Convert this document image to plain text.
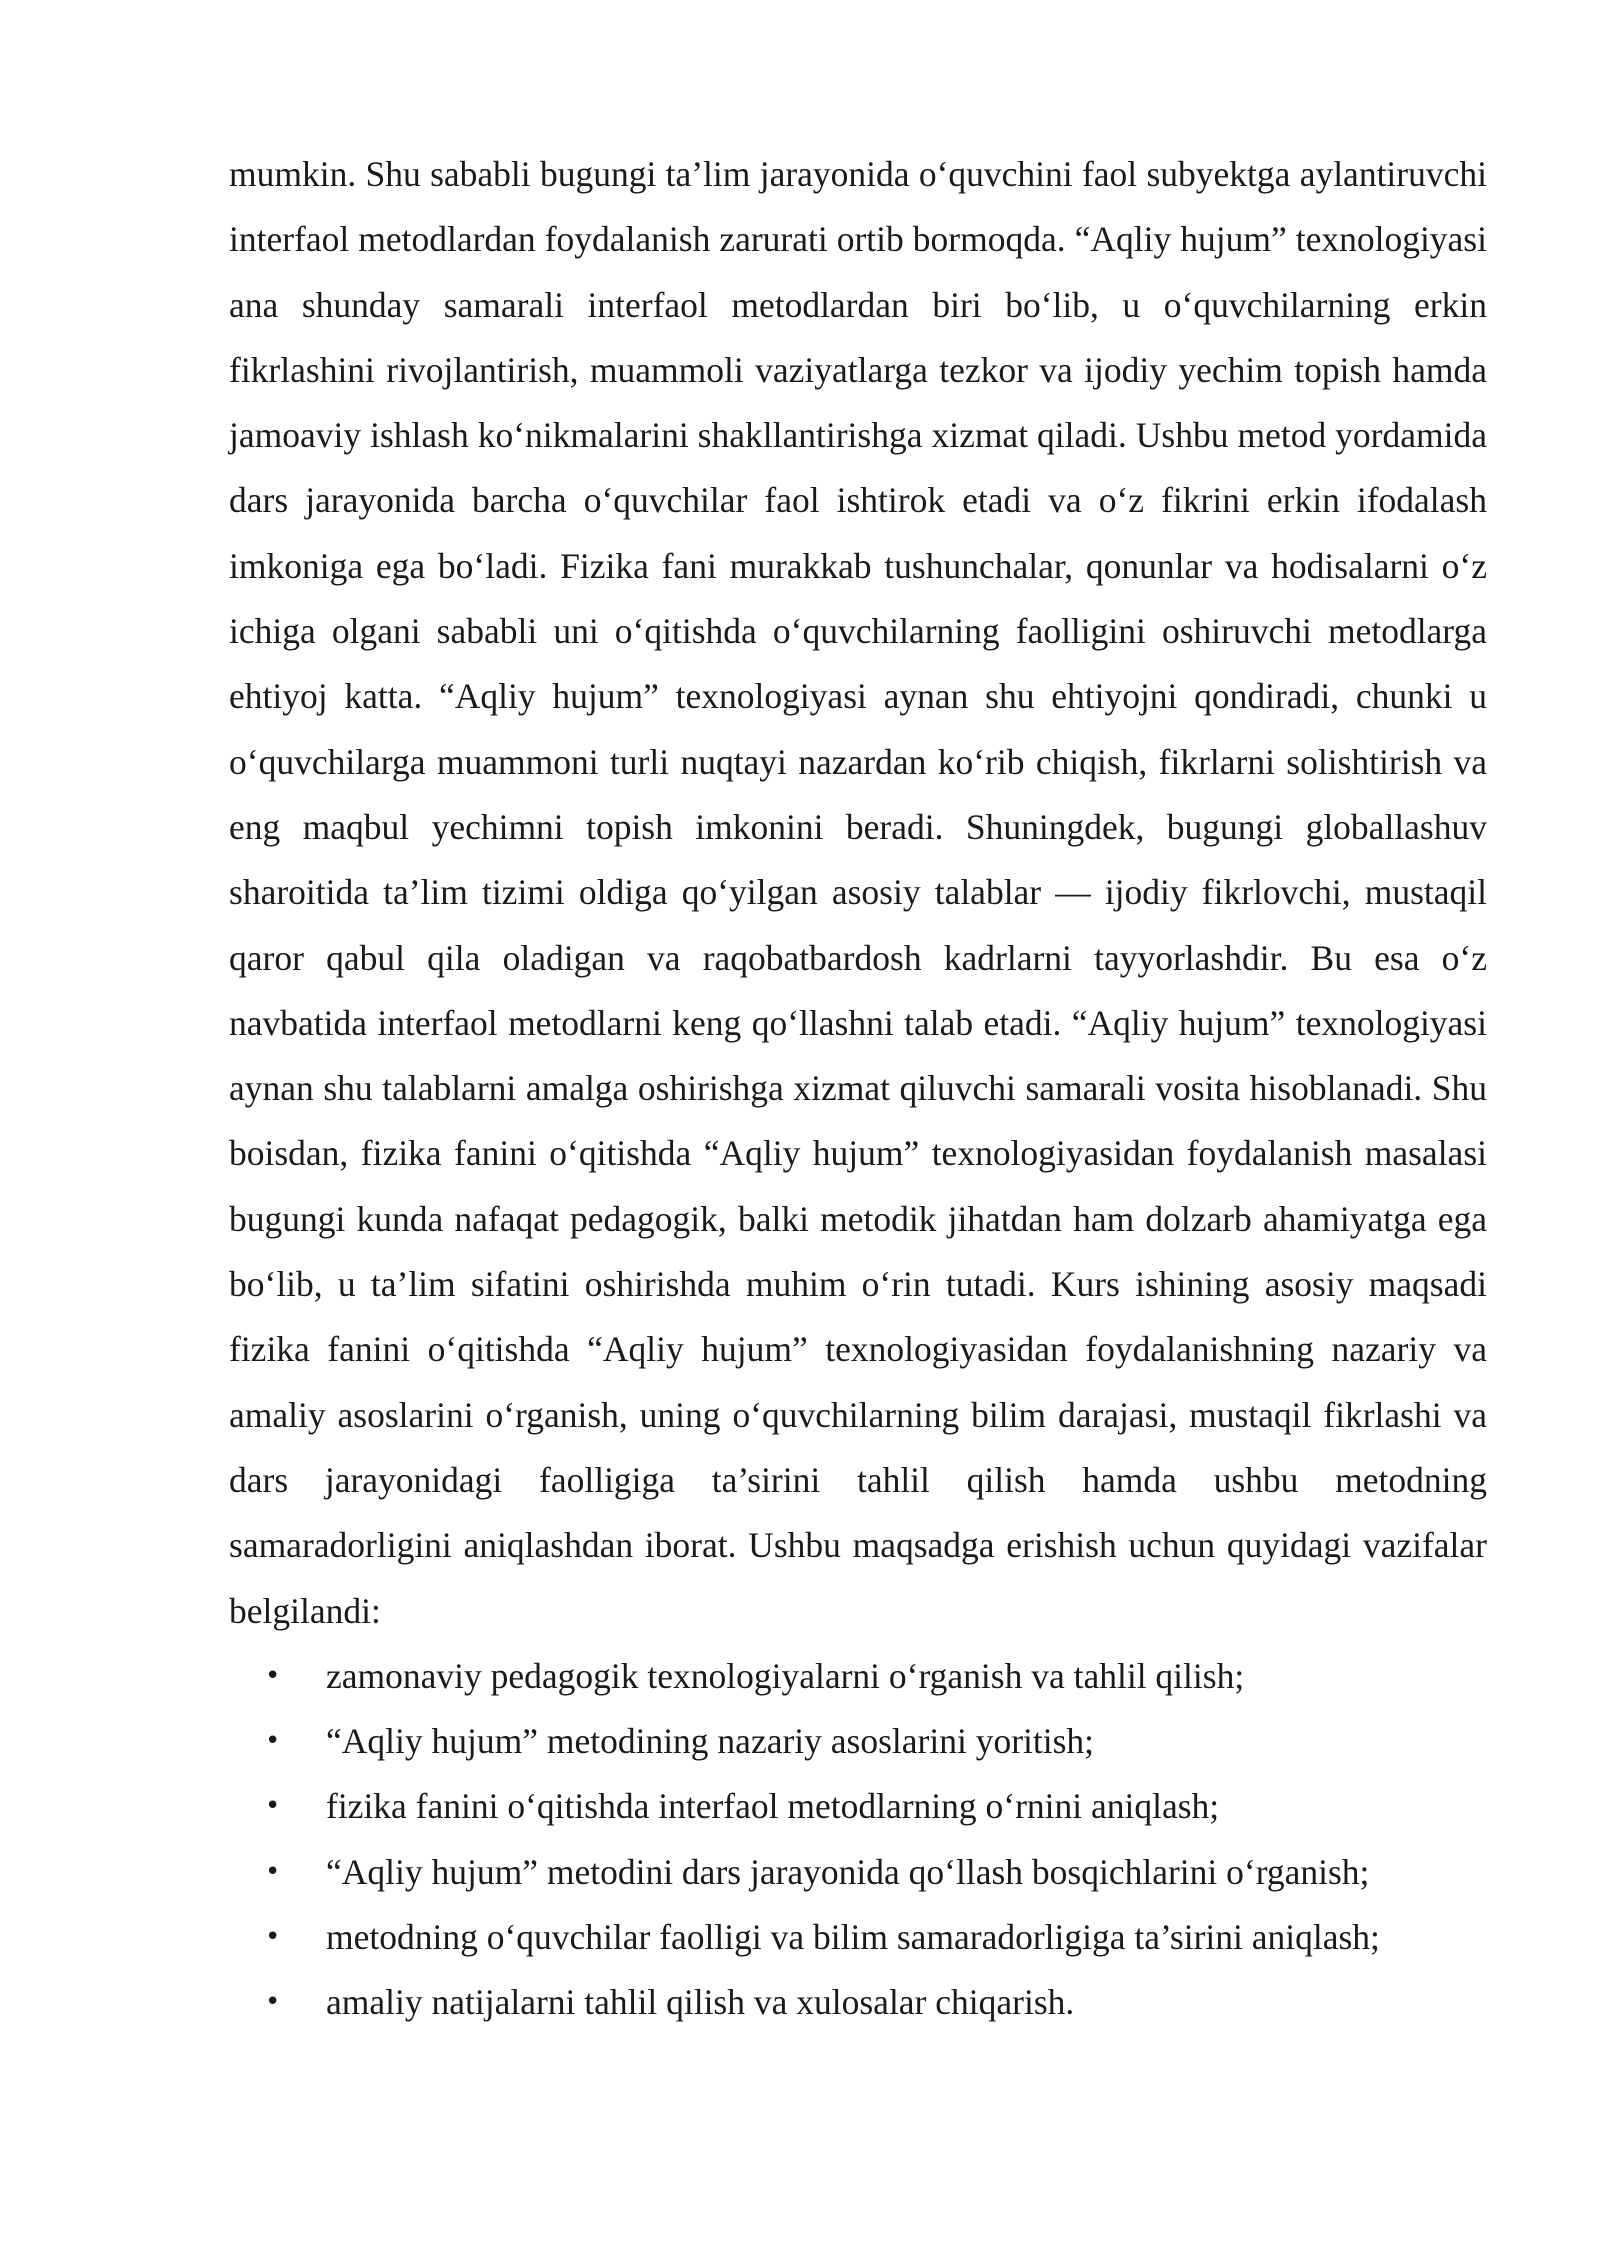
mumkin. Shu sababli bugungi ta’lim jarayonida o‘quvchini faol subyektga aylantiruvchi interfaol metodlardan foydalanish zarurati ortib bormoqda. “Aqliy hujum” texnologiyasi ana shunday samarali interfaol metodlardan biri bo‘lib, u o‘quvchilarning erkin fikrlashini rivojlantirish, muammoli vaziyatlarga tezkor va ijodiy yechim topish hamda jamoaviy ishlash ko‘nikmalarini shakllantirishga xizmat qiladi. Ushbu metod yordamida dars jarayonida barcha o‘quvchilar faol ishtirok etadi va o‘z fikrini erkin ifodalash imkoniga ega bo‘ladi. Fizika fani murakkab tushunchalar, qonunlar va hodisalarni o‘z ichiga olgani sababli uni o‘qitishda o‘quvchilarning faolligini oshiruvchi metodlarga ehtiyoj katta. “Aqliy hujum” texnologiyasi aynan shu ehtiyojni qondiradi, chunki u o‘quvchilarga muammoni turli nuqtayi nazardan ko‘rib chiqish, fikrlarni solishtirish va eng maqbul yechimni topish imkonini beradi. Shuningdek, bugungi globallashuv sharoitida ta’lim tizimi oldiga qo‘yilgan asosiy talablar — ijodiy fikrlovchi, mustaqil qaror qabul qila oladigan va raqobatbardosh kadrlarni tayyorlashdir. Bu esa o‘z navbatida interfaol metodlarni keng qo‘llashni talab etadi. “Aqliy hujum” texnologiyasi aynan shu talablarni amalga oshirishga xizmat qiluvchi samarali vosita hisoblanadi. Shu boisdan, fizika fanini o‘qitishda “Aqliy hujum” texnologiyasidan foydalanish masalasi bugungi kunda nafaqat pedagogik, balki metodik jihatdan ham dolzarb ahamiyatga ega bo‘lib, u ta’lim sifatini oshirishda muhim o‘rin tutadi. Kurs ishining asosiy maqsadi fizika fanini o‘qitishda “Aqliy hujum” texnologiyasidan foydalanishning nazariy va amaliy asoslarini o‘rganish, uning o‘quvchilarning bilim darajasi, mustaqil fikrlashi va dars jarayonidagi faolligiga ta’sirini tahlil qilish hamda ushbu metodning samaradorligini aniqlashdan iborat. Ushbu maqsadga erishish uchun quyidagi vazifalar belgilandi:

• zamonaviy pedagogik texnologiyalarni o‘rganish va tahlil qilish;
• “Aqliy hujum” metodining nazariy asoslarini yoritish;
• fizika fanini o‘qitishda interfaol metodlarning o‘rnini aniqlash;
• “Aqliy hujum” metodini dars jarayonida qo‘llash bosqichlarini o‘rganish;
• metodning o‘quvchilar faolligi va bilim samaradorligiga ta’sirini aniqlash;
• amaliy natijalarni tahlil qilish va xulosalar chiqarish.
